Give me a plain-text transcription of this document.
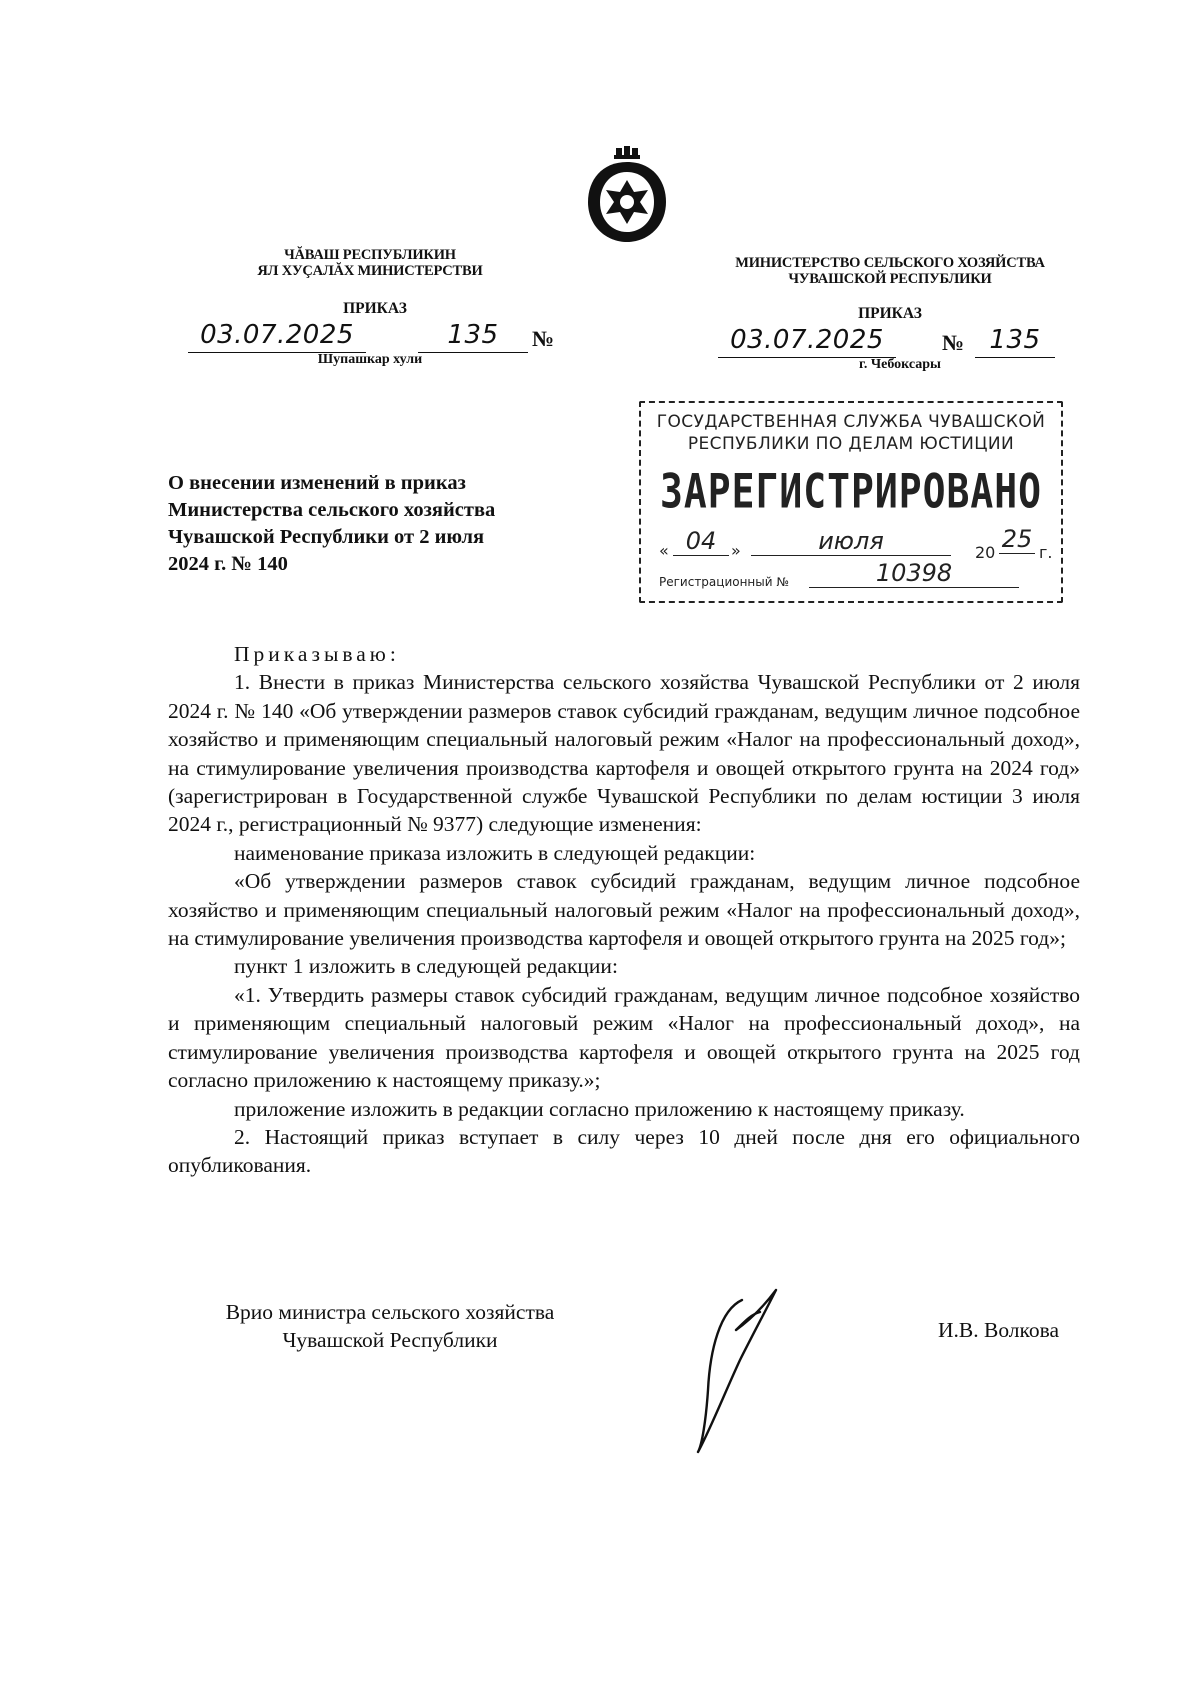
ЧĂВАШ РЕСПУБЛИКИН
ЯЛ ХУÇАЛĂХ МИНИСТЕРСТВИ
ПРИКАЗ
03.07.2025	135	№
Шупашкар хули
МИНИСТЕРСТВО СЕЛЬСКОГО ХОЗЯЙСТВА
ЧУВАШСКОЙ РЕСПУБЛИКИ
ПРИКАЗ
03.07.2025	№ 135
г. Чебоксары
ГОСУДАРСТВЕННАЯ СЛУЖБА ЧУВАШСКОЙ
РЕСПУБЛИКИ ПО ДЕЛАМ ЮСТИЦИИ
ЗАРЕГИСТРИРОВАНО
« 04 »	июля	20 25 г.
Регистрационный №	10398
О внесении изменений в приказ
Министерства сельского хозяйства
Чувашской Республики от 2 июля
2024 г. № 140

Приказываю:

1. Внести в приказ Министерства сельского хозяйства Чувашской Республики от 2 июля 2024 г. № 140 «Об утверждении размеров ставок субсидий гражданам, ведущим личное подсобное хозяйство и применяющим специальный налоговый режим «Налог на профессиональный доход», на стимулирование увеличения производства картофеля и овощей открытого грунта на 2024 год» (зарегистрирован в Государственной службе Чувашской Республики по делам юстиции 3 июля 2024 г., регистрационный № 9377) следующие изменения:

наименование приказа изложить в следующей редакции:

«Об утверждении размеров ставок субсидий гражданам, ведущим личное подсобное хозяйство и применяющим специальный налоговый режим «Налог на профессиональный доход», на стимулирование увеличения производства картофеля и овощей открытого грунта на 2025 год»;

пункт 1 изложить в следующей редакции:

«1. Утвердить размеры ставок субсидий гражданам, ведущим личное подсобное хозяйство и применяющим специальный налоговый режим «Налог на профессиональный доход», на стимулирование увеличения производства картофеля и овощей открытого грунта на 2025 год согласно приложению к настоящему приказу.»;

приложение изложить в редакции согласно приложению к настоящему приказу.

2. Настоящий приказ вступает в силу через 10 дней после дня его официального опубликования.

Врио министра сельского хозяйства
Чувашской Республики	И.В. Волкова
